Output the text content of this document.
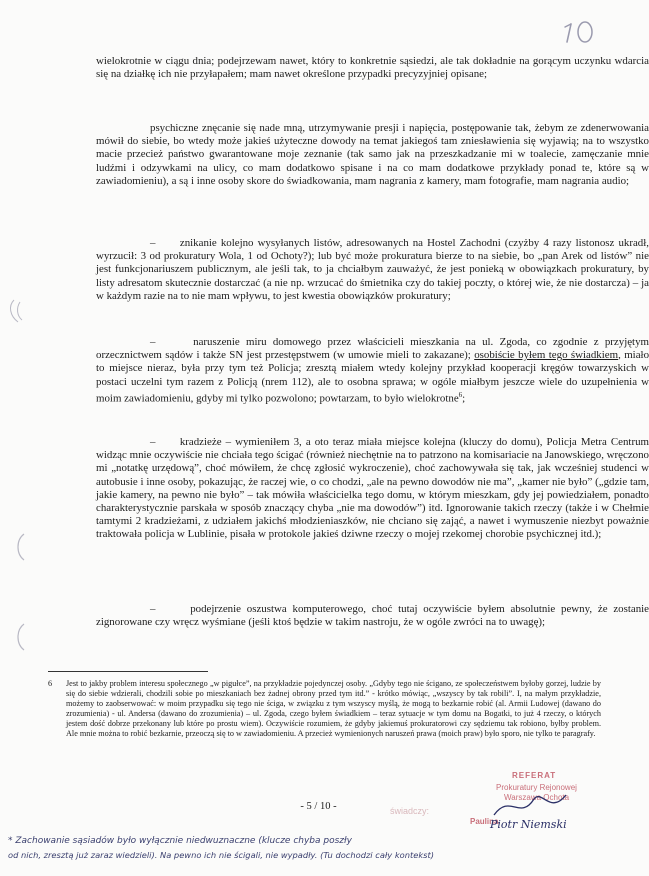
wielokrotnie w ciągu dnia; podejrzewam nawet, który to konkretnie sąsiedzi, ale tak dokładnie na gorącym uczynku wdarcia się na działkę ich nie przyłapałem; mam nawet określone przypadki precyzyjniej opisane;
psychiczne znęcanie się nade mną, utrzymywanie presji i napięcia, postępowanie tak, żebym ze zdenerwowania mówił do siebie, bo wtedy może jakieś użyteczne dowody na temat jakiegoś tam zniesławienia się wyjawią; na to wszystko macie przecież państwo gwarantowane moje zeznanie (tak samo jak na przeszkadzanie mi w toalecie, zamęczanie mnie ludźmi i odzywkami na ulicy, co mam dodatkowo spisane i na co mam dodatkowe przykłady ponad te, które są w zawiadomieniu), a są i inne osoby skore do świadkowania, mam nagrania z kamery, mam fotografie, mam nagrania audio;
–      znikanie kolejno wysyłanych listów, adresowanych na Hostel Zachodni (czyżby 4 razy listonosz ukradł, wyrzucił: 3 od prokuratury Wola, 1 od Ochoty?); lub być może prokuratura bierze to na siebie, bo „pan Arek od listów” nie jest funkcjonariuszem publicznym, ale jeśli tak, to ja chciałbym zauważyć, że jest ponieką w obowiązkach prokuratury, by listy adresatom skutecznie dostarczać (a nie np. wrzucać do śmietnika czy do takiej poczty, o której wie, że nie dostarcza) – ja w każdym razie na to nie mam wpływu, to jest kwestia obowiązków prokuratury;
–      naruszenie miru domowego przez właścicieli mieszkania na ul. Zgoda, co zgodnie z przyjętym orzecznictwem sądów i także SN jest przestępstwem (w umowie mieli to zakazane); osobiście byłem tego świadkiem, miało to miejsce nieraz, była przy tym też Policja; zresztą miałem wtedy kolejny przykład kooperacji kręgów towarzyskich w postaci uczelni tym razem z Policją (nrem 112), ale to osobna sprawa; w ogóle miałbym jeszcze wiele do uzupełnienia w moim zawiadomieniu, gdyby mi tylko pozwolono; powtarzam, to było wielokrotne$^6$;
–      kradzieże – wymieniłem 3, a oto teraz miała miejsce kolejna (kluczy do domu), Policja Metra Centrum widząc mnie oczywiście nie chciała tego ścigać (również niechętnie na to patrzono na komisariacie na Janowskiego, wręczono mi „notatkę urzędową”, choć mówiłem, że chcę zgłosić wykroczenie), choć zachowywała się tak, jak wcześniej studenci w autobusie i inne osoby, pokazując, że raczej wie, o co chodzi, „ale na pewno dowodów nie ma”, „kamer nie było” („gdzie tam, jakie kamery, na pewno nie było” – tak mówiła właścicielka tego domu, w którym mieszkam, gdy jej powiedziałem, ponadto charakterystycznie parskała w sposób znaczący chyba „nie ma dowodów”) itd. Ignorowanie takich rzeczy (także i w Chełmie tamtymi 2 kradzieżami, z udziałem jakichś młodzieniaszków, nie chciano się zająć, a nawet i wymuszenie niezbyt poważnie traktowała policja w Lublinie, pisała w protokole jakieś dziwne rzeczy o mojej rzekomej chorobie psychicznej itd.);
–      podejrzenie oszustwa komputerowego, choć tutaj oczywiście byłem absolutnie pewny, że zostanie zignorowane czy wręcz wyśmiane (jeśli ktoś będzie w takim nastroju, że w ogóle zwróci na to uwagę);
6	Jest to jakby problem interesu społecznego „w pigułce”, na przykładzie pojedynczej osoby. „Gdyby tego nie ścigano, ze społeczeństwem byłoby gorzej, ludzie by się do siebie wdzierali, chodzili sobie po mieszkaniach bez żadnej obrony przed tym itd.” - krótko mówiąc, „wszyscy by tak robili”. I, na małym przykładzie, możemy to zaobserwować: w moim przypadku się tego nie ściga, w związku z tym wszyscy myślą, że mogą to bezkarnie robić (al. Armii Ludowej (dawano do zrozumienia) - ul. Andersa (dawano do zrozumienia) – ul. Zgoda, czego byłem świadkiem – teraz sytuacje w tym domu na Bogatki, to już 4 rzeczy, o których jestem dość dobrze przekonany lub które po prostu wiem). Oczywiście rozumiem, że gdyby jakiemuś prokuratorowi czy sędziemu tak robiono, byłby problem. Ale mnie można to robić bezkarnie, przeoczą się to w zawiadomieniu. A przecież wymienionych naruszeń prawa (moich praw) było sporo, nie tylko te paragrafy.
świadczy:
REFERAT
Prokuratury Rejonowej
Warszawa Ochota
Paulina
- 5 / 10 -
Piotr Niemski
* Zachowanie sąsiadów było wyłącznie niedwuznaczne (klucze chyba poszły
od nich, zresztą już zaraz wiedzieli). Na pewno ich nie ścigali, nie wypadły. (Tu dochodzi cały kontekst)
